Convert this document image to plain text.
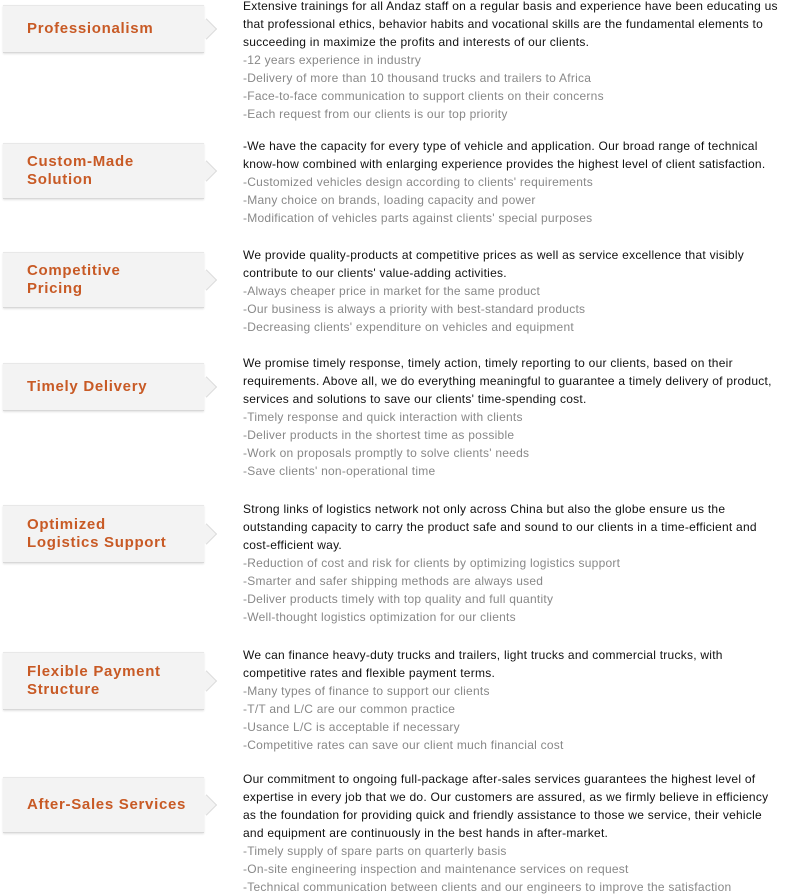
Professionalism

Extensive trainings for all Andaz staff on a regular basis and experience have been educating us
that professional ethics, behavior habits and vocational skills are the fundamental elements to
succeeding in maximize the profits and interests of our clients.

-12 years experience in industry
-Delivery of more than 10 thousand trucks and trailers to Africa
-Face-to-face communication to support clients on their concerns
-Each request from our clients is our top priority
Custom-Made
Solution

-We have the capacity for every type of vehicle and application. Our broad range of technical
know-how combined with enlarging experience provides the highest level of client satisfaction.

-Customized vehicles design according to clients' requirements
-Many choice on brands, loading capacity and power
-Modification of vehicles parts against clients' special purposes
Competitive
Pricing

We provide quality-products at competitive prices as well as service excellence that visibly
contribute to our clients' value-adding activities.

-Always cheaper price in market for the same product
-Our business is always a priority with best-standard products
-Decreasing clients' expenditure on vehicles and equipment
Timely Delivery

We promise timely response, timely action, timely reporting to our clients, based on their
requirements. Above all, we do everything meaningful to guarantee a timely delivery of product,
services and solutions to save our clients' time-spending cost.

-Timely response and quick interaction with clients
-Deliver products in the shortest time as possible
-Work on proposals promptly to solve clients' needs
-Save clients' non-operational time
Optimized
Logistics Support

Strong links of logistics network not only across China but also the globe ensure us the
outstanding capacity to carry the product safe and sound to our clients in a time-efficient and
cost-efficient way.

-Reduction of cost and risk for clients by optimizing logistics support
-Smarter and safer shipping methods are always used
-Deliver products timely with top quality and full quantity
-Well-thought logistics optimization for our clients
Flexible Payment
Structure

We can finance heavy-duty trucks and trailers, light trucks and commercial trucks, with
competitive rates and flexible payment terms.

-Many types of finance to support our clients
-T/T and L/C are our common practice
-Usance L/C is acceptable if necessary
-Competitive rates can save our client much financial cost
After-Sales Services

Our commitment to ongoing full-package after-sales services guarantees the highest level of
expertise in every job that we do. Our customers are assured, as we firmly believe in efficiency
as the foundation for providing quick and friendly assistance to those we service, their vehicle
and equipment are continuously in the best hands in after-market.

-Timely supply of spare parts on quarterly basis
-On-site engineering inspection and maintenance services on request
-Technical communication between clients and our engineers to improve the satisfaction
